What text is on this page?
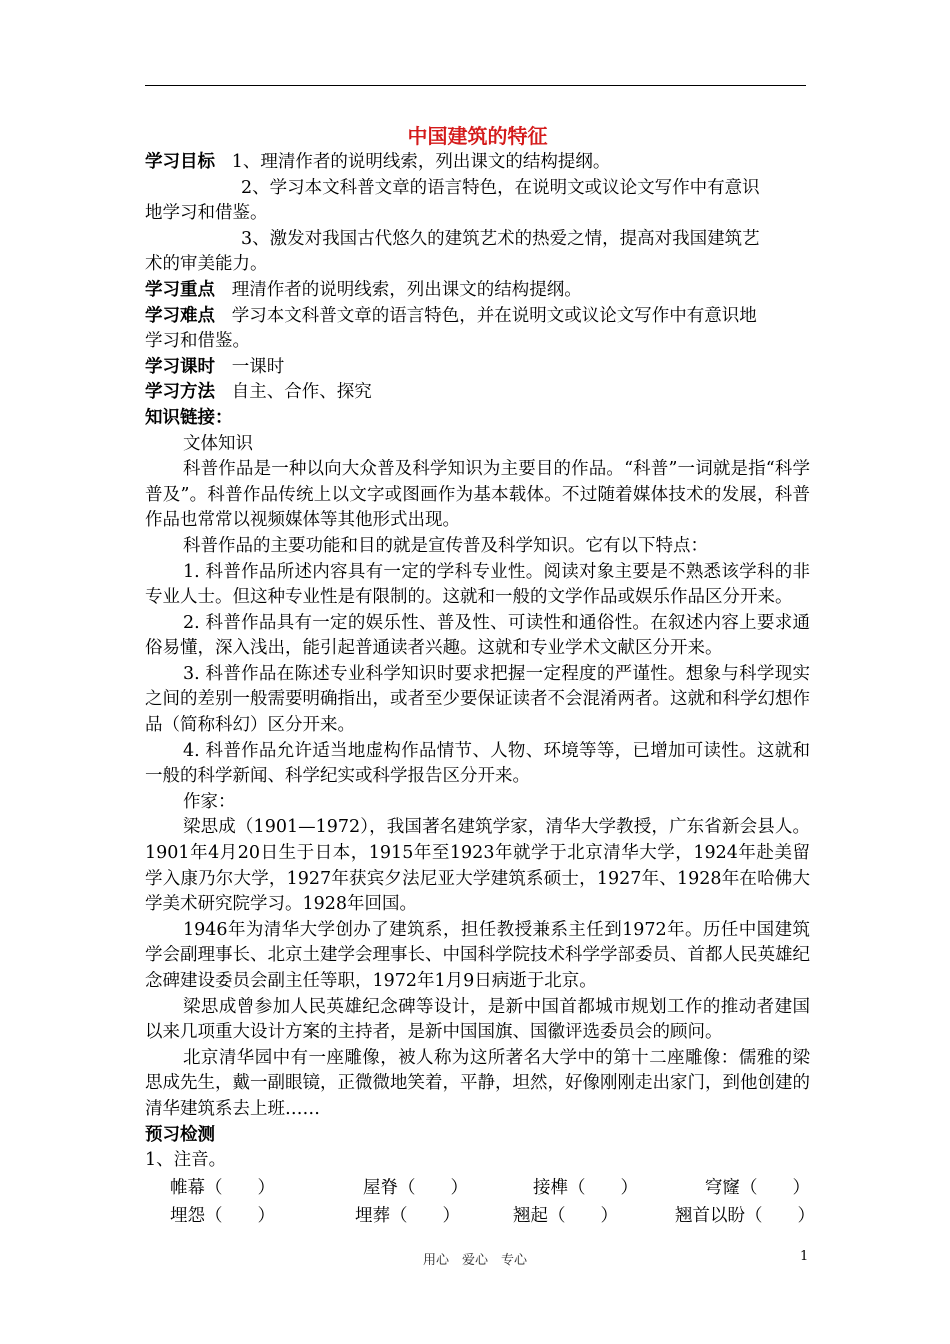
中国建筑的特征
学习目标 1、理清作者的说明线索，列出课文的结构提纲。
2、学习本文科普文章的语言特色，在说明文或议论文写作中有意识
地学习和借鉴。
3、激发对我国古代悠久的建筑艺术的热爱之情，提高对我国建筑艺
术的审美能力。
学习重点 理清作者的说明线索，列出课文的结构提纲。
学习难点 学习本文科普文章的语言特色，并在说明文或议论文写作中有意识地
学习和借鉴。
学习课时 一课时
学习方法 自主、合作、探究
知识链接：
文体知识
科普作品是一种以向大众普及科学知识为主要目的作品。“科普”一词就是指“科学普及”。科普作品传统上以文字或图画作为基本载体。不过随着媒体技术的发展，科普作品也常常以视频媒体等其他形式出现。
科普作品的主要功能和目的就是宣传普及科学知识。它有以下特点：
1. 科普作品所述内容具有一定的学科专业性。阅读对象主要是不熟悉该学科的非专业人士。但这种专业性是有限制的。这就和一般的文学作品或娱乐作品区分开来。
2. 科普作品具有一定的娱乐性、普及性、可读性和通俗性。在叙述内容上要求通俗易懂，深入浅出，能引起普通读者兴趣。这就和专业学术文献区分开来。
3. 科普作品在陈述专业科学知识时要求把握一定程度的严谨性。想象与科学现实之间的差别一般需要明确指出，或者至少要保证读者不会混淆两者。这就和科学幻想作品（简称科幻）区分开来。
4. 科普作品允许适当地虚构作品情节、人物、环境等等，已增加可读性。这就和一般的科学新闻、科学纪实或科学报告区分开来。
作家：
梁思成（1901—1972），我国著名建筑学家，清华大学教授，广东省新会县人。1901年4月20日生于日本，1915年至1923年就学于北京清华大学，1924年赴美留学入康乃尔大学，1927年获宾夕法尼亚大学建筑系硕士，1927年、1928年在哈佛大学美术研究院学习。1928年回国。
1946年为清华大学创办了建筑系，担任教授兼系主任到1972年。历任中国建筑学会副理事长、北京土建学会理事长、中国科学院技术科学学部委员、首都人民英雄纪念碑建设委员会副主任等职，1972年1月9日病逝于北京。
梁思成曾参加人民英雄纪念碑等设计，是新中国首都城市规划工作的推动者建国以来几项重大设计方案的主持者，是新中国国旗、国徽评选委员会的顾问。
北京清华园中有一座雕像，被人称为这所著名大学中的第十二座雕像：儒雅的梁思成先生，戴一副眼镜，正微微地笑着，平静，坦然，好像刚刚走出家门，到他创建的清华建筑系去上班……
预习检测
1、注音。
帷幕（　　）	屋脊（　　）	接榫（　　）	穹窿（　　）
埋怨（　　）	埋葬（　　）	翘起（　　）	翘首以盼（　　）
用心　爱心　专心	1
